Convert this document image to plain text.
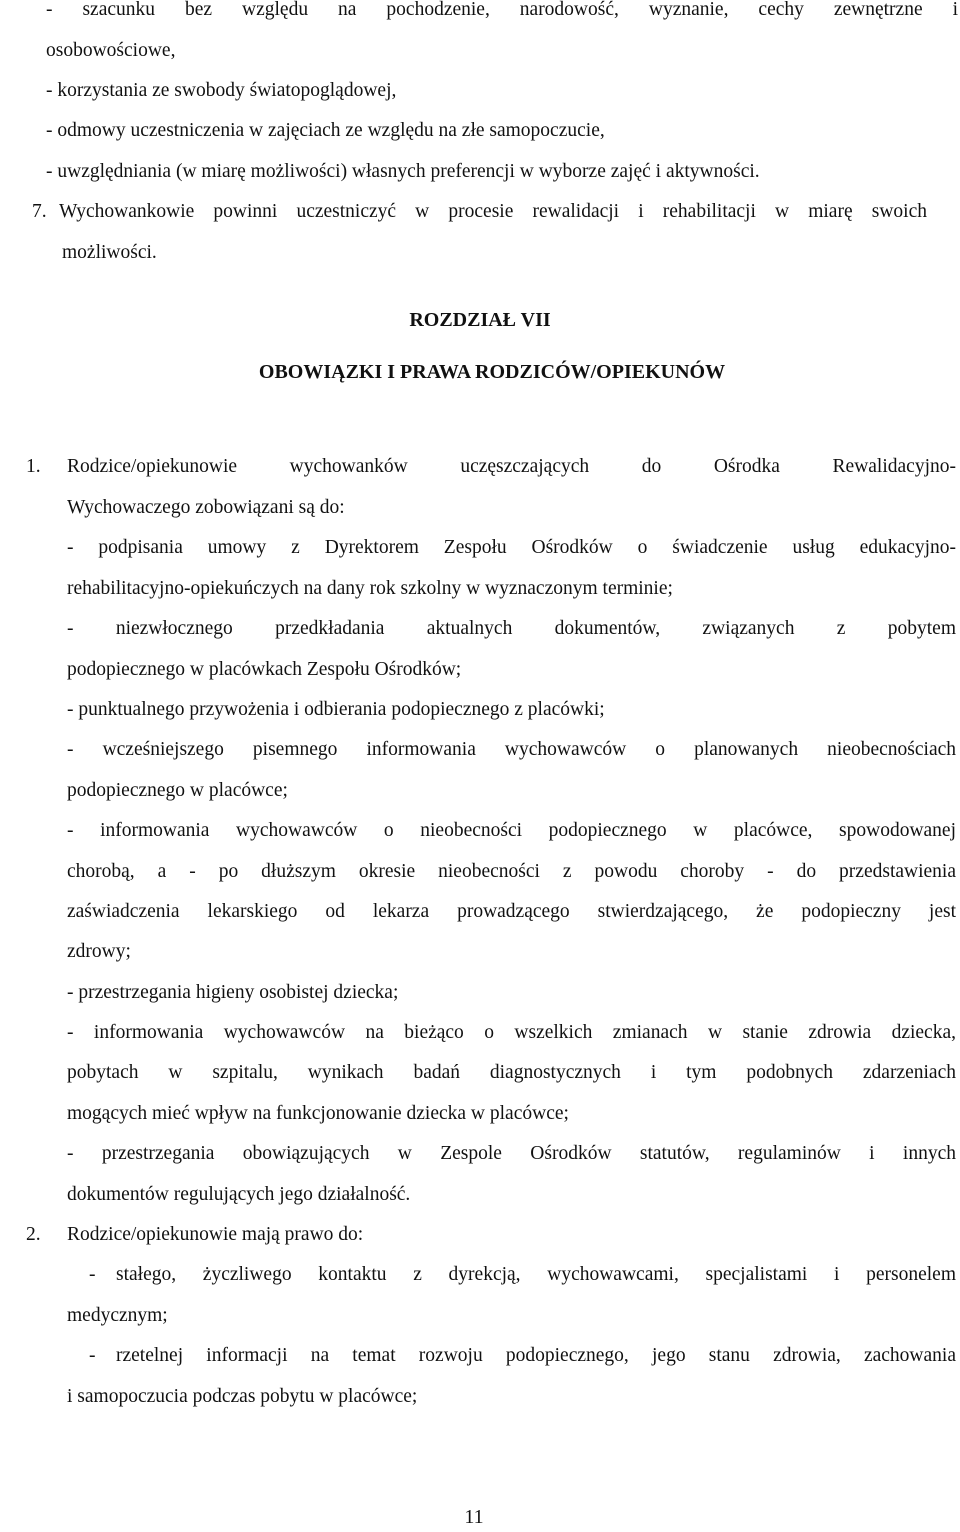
- szacunku bez względu na pochodzenie, narodowość, wyznanie, cechy zewnętrzne i
osobowościowe,
- korzystania ze swobody światopoglądowej,
- odmowy uczestniczenia w zajęciach ze względu na złe samopoczucie,
- uwzględniania (w miarę możliwości) własnych preferencji w wyborze zajęć i aktywności.
7. Wychowankowie powinni uczestniczyć w procesie rewalidacji i rehabilitacji w miarę swoich
możliwości.
ROZDZIAŁ VII
OBOWIĄZKI I PRAWA RODZICÓW/OPIEKUNÓW
1. Rodzice/opiekunowie wychowanków uczęszczających do Ośrodka Rewalidacyjno-
Wychowaczego zobowiązani są do:
- podpisania umowy z Dyrektorem Zespołu Ośrodków o świadczenie usług edukacyjno-
rehabilitacyjno-opiekuńczych na dany rok szkolny w wyznaczonym terminie;
- niezwłocznego przedkładania aktualnych dokumentów, związanych z pobytem
podopiecznego w placówkach Zespołu Ośrodków;
- punktualnego przywożenia i odbierania podopiecznego z placówki;
- wcześniejszego pisemnego informowania wychowawców o planowanych nieobecnościach
podopiecznego w placówce;
- informowania wychowawców o nieobecności podopiecznego w placówce, spowodowanej
chorobą, a - po dłuższym okresie nieobecności z powodu choroby - do przedstawienia
zaświadczenia lekarskiego od lekarza prowadzącego stwierdzającego, że podopieczny jest
zdrowy;
- przestrzegania higieny osobistej dziecka;
- informowania wychowawców na bieżąco o wszelkich zmianach w stanie zdrowia dziecka,
pobytach w szpitalu, wynikach badań diagnostycznych i tym podobnych zdarzeniach
mogących mieć wpływ na funkcjonowanie dziecka w placówce;
- przestrzegania obowiązujących w Zespole Ośrodków statutów, regulaminów i innych
dokumentów regulujących jego działalność.
2. Rodzice/opiekunowie mają prawo do:
- stałego, życzliwego kontaktu z dyrekcją, wychowawcami, specjalistami i personelem
medycznym;
- rzetelnej informacji na temat rozwoju podopiecznego, jego stanu zdrowia, zachowania
i samopoczucia podczas pobytu w placówce;
11
